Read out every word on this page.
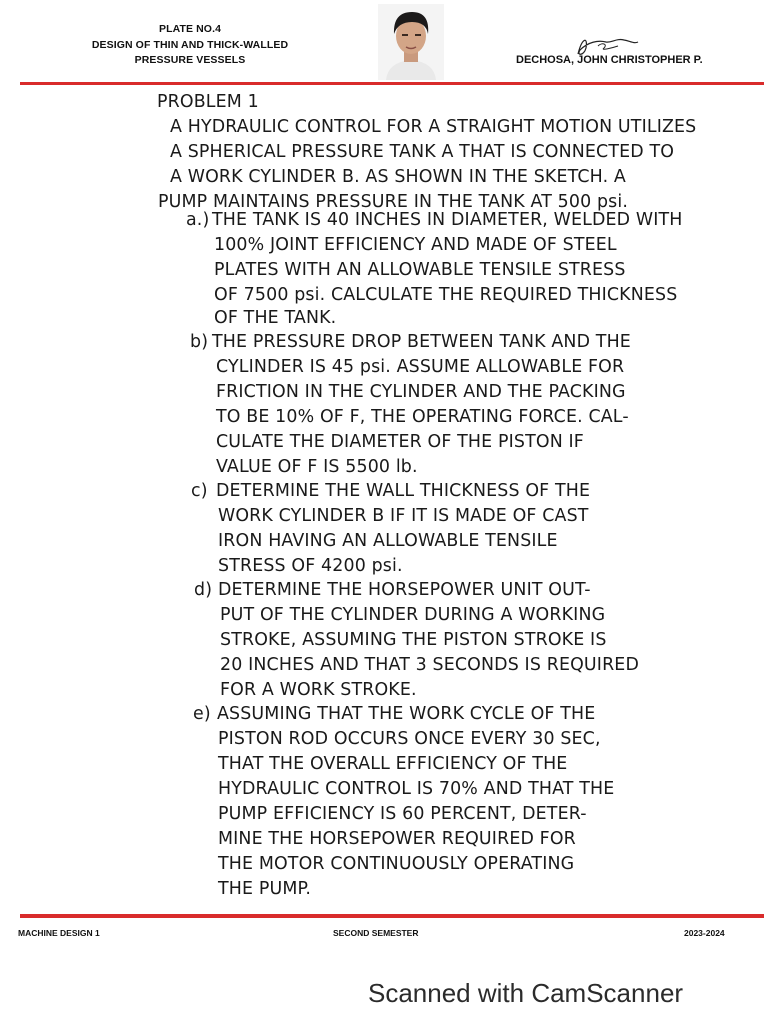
PLATE NO.4
DESIGN OF THIN AND THICK-WALLED
PRESSURE VESSELS	DECHOSA, JOHN CHRISTOPHER P.
PROBLEM 1
A HYDRAULIC CONTROL FOR A STRAIGHT MOTION UTILIZES
A SPHERICAL PRESSURE TANK A THAT IS CONNECTED TO
A WORK CYLINDER B. AS SHOWN IN THE SKETCH. A
PUMP MAINTAINS PRESSURE IN THE TANK AT 500 psi.
a.) THE TANK IS 40 INCHES IN DIAMETER, WELDED WITH
100% JOINT EFFICIENCY AND MADE OF STEEL
PLATES WITH AN ALLOWABLE TENSILE STRESS
OF 7500 psi. CALCULATE THE REQUIRED THICKNESS
OF THE TANK.
b) THE PRESSURE DROP BETWEEN TANK AND THE
CYLINDER IS 45 psi. ASSUME ALLOWABLE FOR
FRICTION IN THE CYLINDER AND THE PACKING
TO BE 10% OF F, THE OPERATING FORCE. CAL-
CULATE THE DIAMETER OF THE PISTON IF
VALUE OF F IS 5500 lb.
c) DETERMINE THE WALL THICKNESS OF THE
WORK CYLINDER B IF IT IS MADE OF CAST
IRON HAVING AN ALLOWABLE TENSILE
STRESS OF 4200 psi.
d) DETERMINE THE HORSEPOWER UNIT OUT-
PUT OF THE CYLINDER DURING A WORKING
STROKE, ASSUMING THE PISTON STROKE IS
20 INCHES AND THAT 3 SECONDS IS REQUIRED
FOR A WORK STROKE.
e) ASSUMING THAT THE WORK CYCLE OF THE
PISTON ROD OCCURS ONCE EVERY 30 SEC,
THAT THE OVERALL EFFICIENCY OF THE
HYDRAULIC CONTROL IS 70% AND THAT THE
PUMP EFFICIENCY IS 60 PERCENT, DETER-
MINE THE HORSEPOWER REQUIRED FOR
THE MOTOR CONTINUOUSLY OPERATING
THE PUMP.
MACHINE DESIGN 1	SECOND SEMESTER	2023-2024
Scanned with CamScanner
